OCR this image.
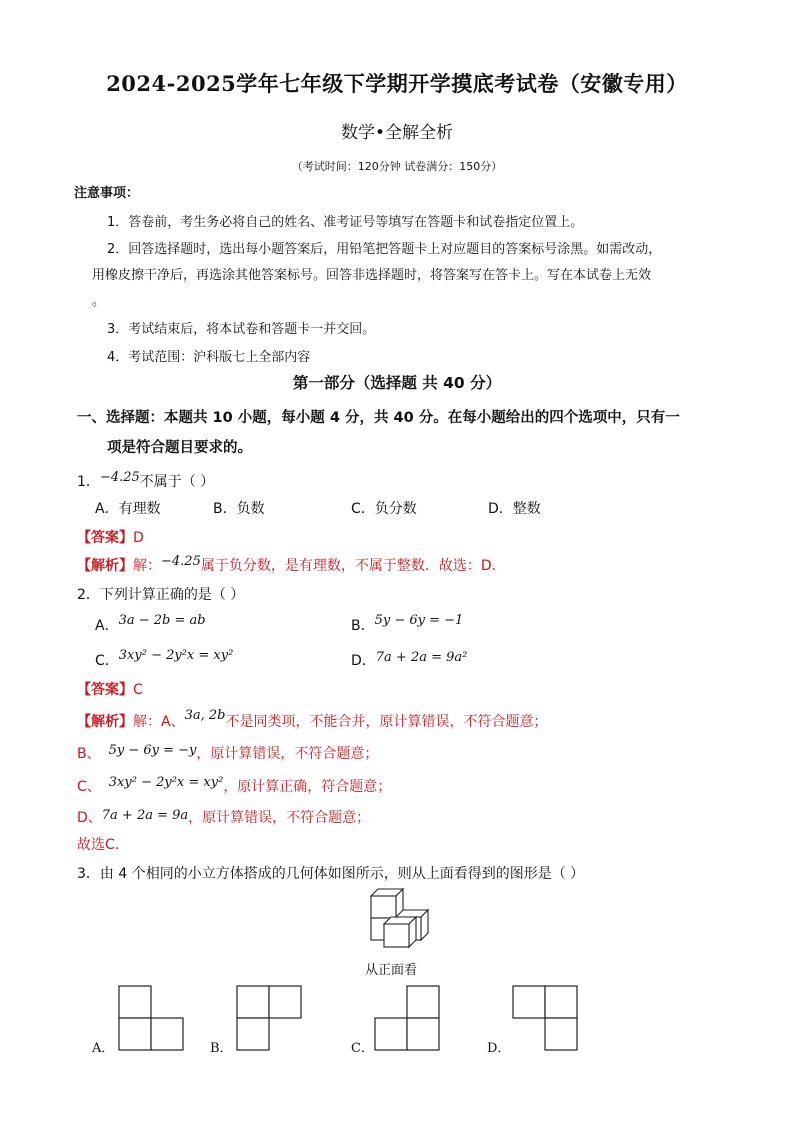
2024-2025学年七年级下学期开学摸底考试卷（安徽专用）
数学•全解全析
（考试时间：120分钟 试卷满分：150分）
注意事项：
1．答卷前，考生务必将自己的姓名、准考证号等填写在答题卡和试卷指定位置上。
2．回答选择题时，选出每小题答案后，用铅笔把答题卡上对应题目的答案标号涂黑。如需改动，
用橡皮擦干净后，再选涂其他答案标号。回答非选择题时，将答案写在答卡上。写在本试卷上无效
。
3．考试结束后，将本试卷和答题卡一并交回。
4．考试范围：沪科版七上全部内容
第一部分（选择题 共 40 分）
一、选择题：本题共 10 小题，每小题 4 分，共 40 分。在每小题给出的四个选项中，只有一
项是符合题目要求的。
1．−4.25不属于（ ）
A．有理数	B．负数	C．负分数	D．整数
【答案】D
【解析】解：−4.25属于负分数，是有理数，不属于整数．故选：D．
2．下列计算正确的是（ ）
A．3a − 2b = ab	B．5y − 6y = −1
C．3xy² − 2y²x = xy²	D．7a + 2a = 9a²
【答案】C
【解析】解：A、3a, 2b不是同类项，不能合并，原计算错误，不符合题意；
B、 5y − 6y = −y，原计算错误，不符合题意；
C、 3xy² − 2y²x = xy²，原计算正确，符合题意；
D、7a + 2a = 9a，原计算错误，不符合题意；
故选C．
3．由 4 个相同的小立方体搭成的几何体如图所示，则从上面看得到的图形是（ ）
从正面看
A．	B．	C．	D．
